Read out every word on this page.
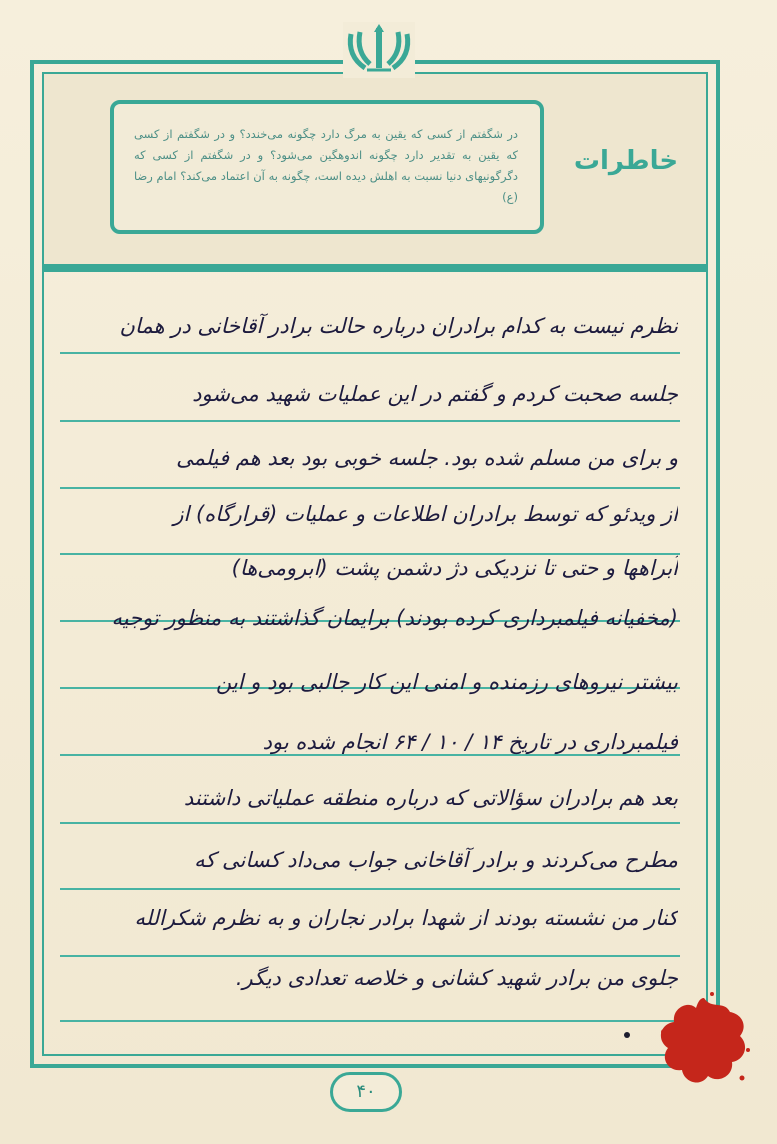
در شگفتم از کسی که یقین به مرگ دارد چگونه می‌خندد؟ و در شگفتم از کسی که یقین به تقدیر دارد چگونه اندوهگین می‌شود؟ و در شگفتم از کسی که دگرگونیهای دنیا نسبت به اهلش دیده است، چگونه به آن اعتماد می‌کند؟ امام رضا (ع)
خاطرات
نظرم نیست به کدام برادران درباره حالت برادر آقاخانی در همان
جلسه صحبت کردم و گفتم در این عملیات شهید می‌شود
و برای من مسلم شده بود. جلسه خوبی بود بعد هم فیلمی
از ویدئو که توسط برادران اطلاعات و عملیات (قرارگاه) از
آبراهها و حتی تا نزدیکی دژ دشمن پشت (ابرومی‌ها)
(مخفیانه فیلمبرداری کرده بودند) برایمان گذاشتند به منظور توجیه
بیشتر نیروهای رزمنده و امنی این کار جالبی بود و این
فیلمبرداری در تاریخ ۱۴ / ۱۰ / ۶۴ انجام شده بود
بعد هم برادران سؤالاتی که درباره منطقه عملیاتی داشتند
مطرح می‌کردند و برادر آقاخانی جواب می‌داد کسانی که
کنار من نشسته بودند از شهدا برادر نجاران و به نظرم شکرالله
جلوی من برادر شهید کشانی و خلاصه تعدادی دیگر.
۴۰
